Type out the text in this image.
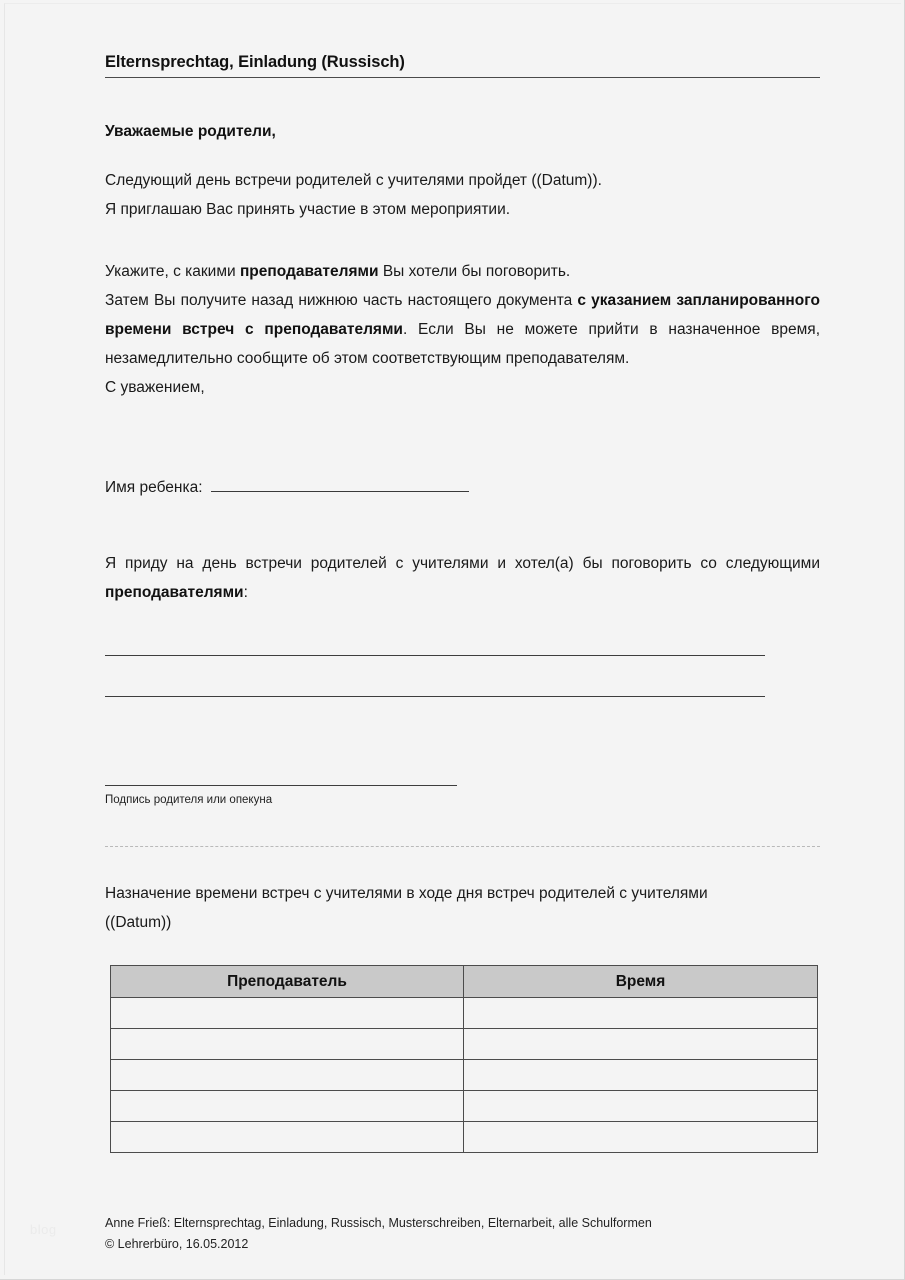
blog
Elternsprechtag, Einladung (Russisch)
Уважаемые родители,

Следующий день встречи родителей с учителями пройдет ((Datum)).

Я приглашаю Вас принять участие в этом мероприятии.

Укажите, с какими преподавателями Вы хотели бы поговорить.

Затем Вы получите назад нижнюю часть настоящего документа с указанием запланированного времени встреч с преподавателями. Если Вы не можете прийти в назначенное время, незамедлительно сообщите об этом соответствующим преподавателям.

С уважением,

Имя ребенка:

Я приду на день встречи родителей с учителями и хотел(а) бы поговорить со следующими преподавателями:

Подпись родителя или опекуна
Назначение времени встреч с учителями в ходе дня встреч родителей с учителями ((Datum))
Преподаватель	Время

Anne Frieß: Elternsprechtag, Einladung, Russisch, Musterschreiben, Elternarbeit, alle Schulformen
© Lehrerbüro, 16.05.2012
